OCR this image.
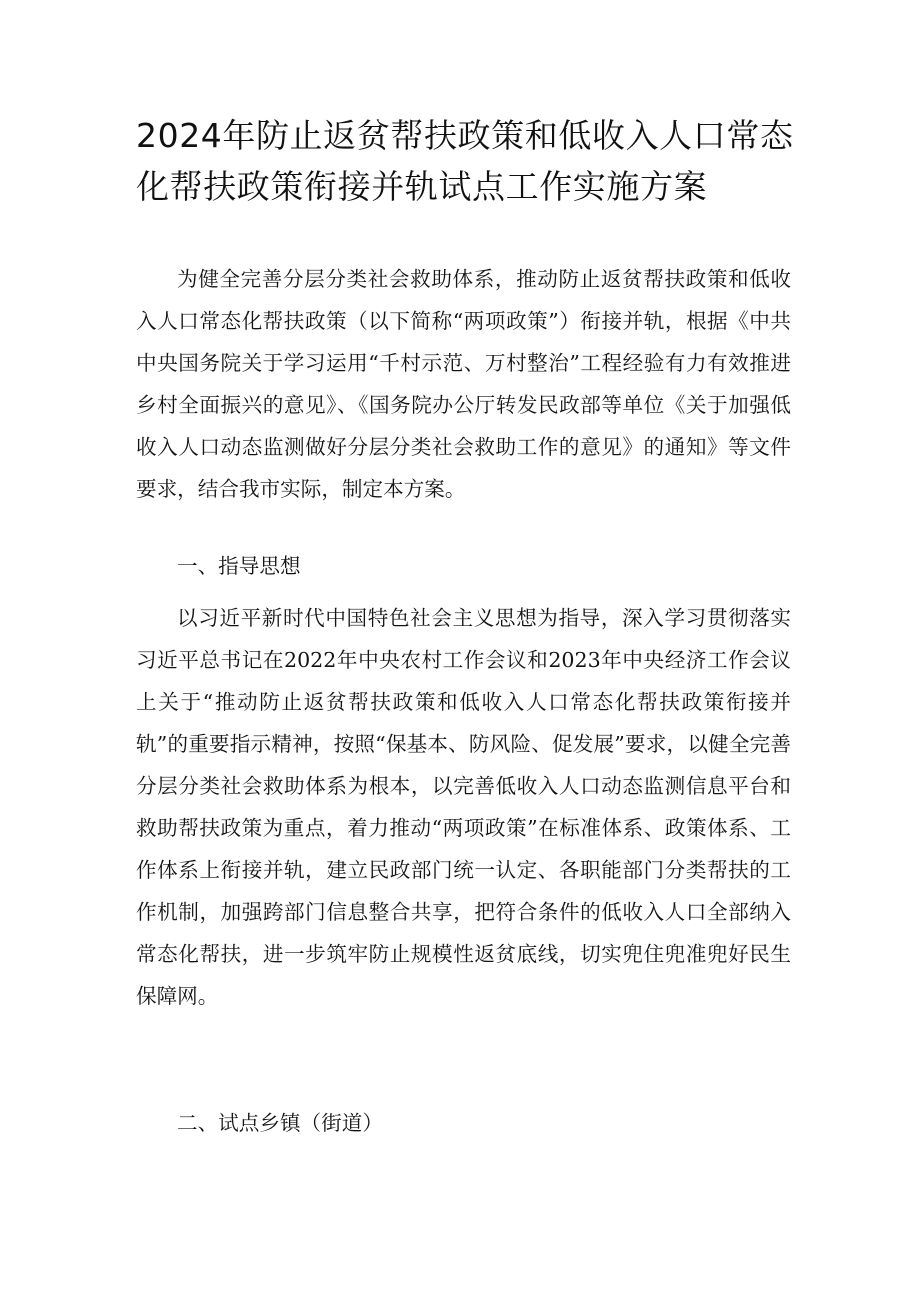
2024年防止返贫帮扶政策和低收入人口常态化帮扶政策衔接并轨试点工作实施方案

为健全完善分层分类社会救助体系，推动防止返贫帮扶政策和低收入人口常态化帮扶政策（以下简称“两项政策”）衔接并轨，根据《中共中央国务院关于学习运用“千村示范、万村整治”工程经验有力有效推进乡村全面振兴的意见》、《国务院办公厅转发民政部等单位《关于加强低收入人口动态监测做好分层分类社会救助工作的意见》的通知》等文件要求，结合我市实际，制定本方案。

一、指导思想

以习近平新时代中国特色社会主义思想为指导，深入学习贯彻落实习近平总书记在2022年中央农村工作会议和2023年中央经济工作会议上关于“推动防止返贫帮扶政策和低收入人口常态化帮扶政策衔接并轨”的重要指示精神，按照“保基本、防风险、促发展”要求，以健全完善分层分类社会救助体系为根本，以完善低收入人口动态监测信息平台和救助帮扶政策为重点，着力推动“两项政策”在标准体系、政策体系、工作体系上衔接并轨，建立民政部门统一认定、各职能部门分类帮扶的工作机制，加强跨部门信息整合共享，把符合条件的低收入人口全部纳入常态化帮扶，进一步筑牢防止规模性返贫底线，切实兜住兜准兜好民生保障网。

二、试点乡镇（街道）
